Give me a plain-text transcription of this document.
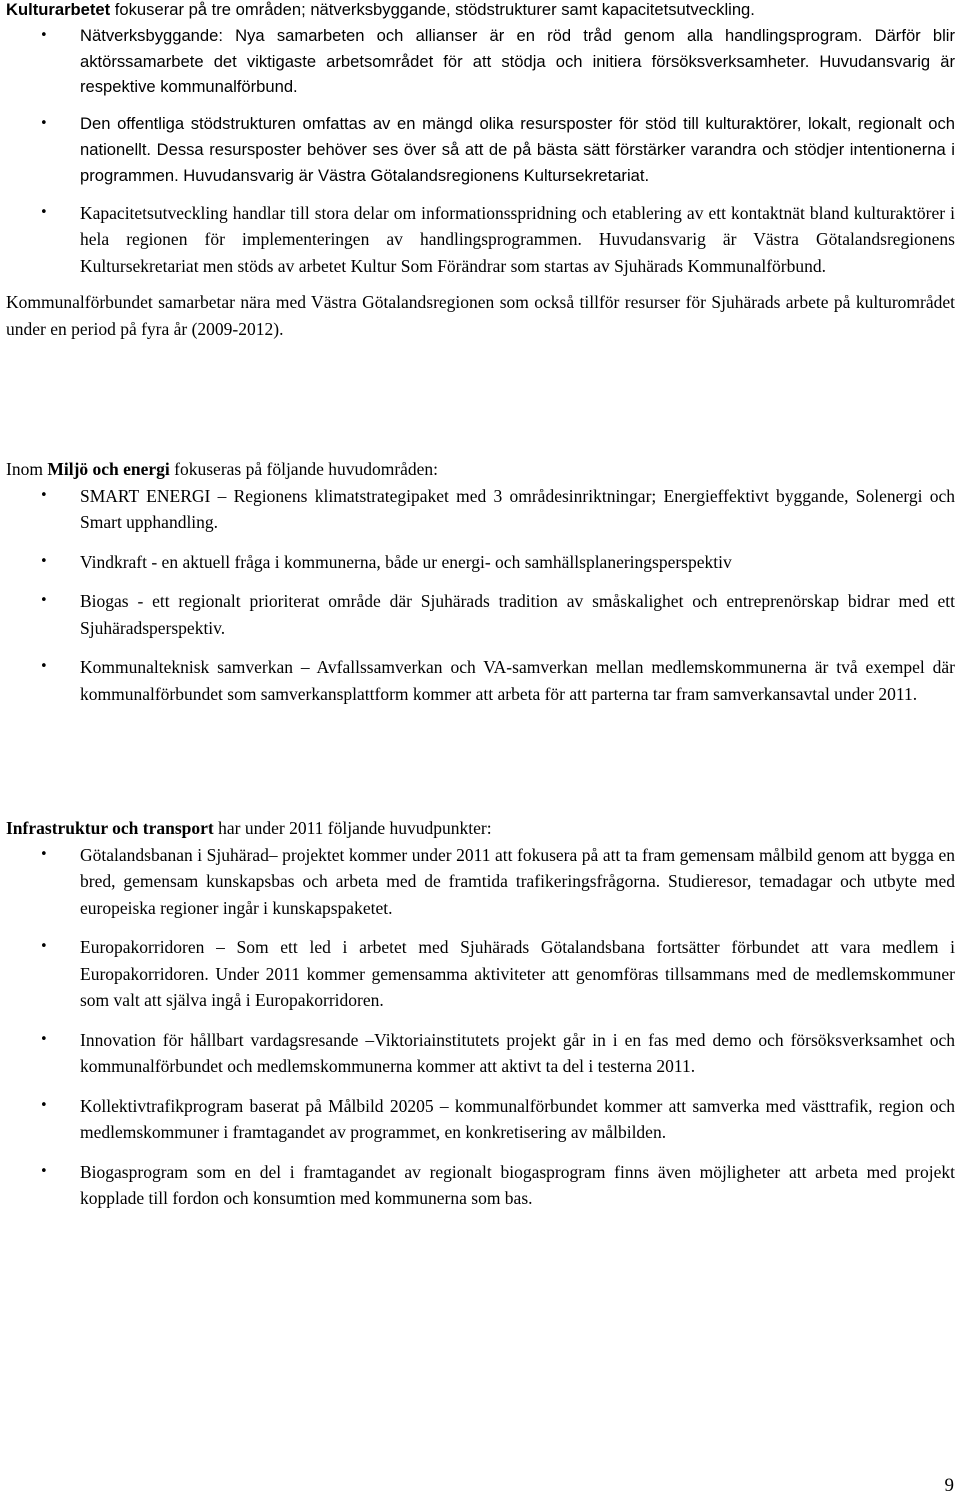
Kulturarbetet fokuserar på tre områden; nätverksbyggande, stödstrukturer samt kapacitetsutveckling.

• Nätverksbyggande: Nya samarbeten och allianser är en röd tråd genom alla handlingsprogram. Därför blir aktörssamarbete det viktigaste arbetsområdet för att stödja och initiera försöksverksamheter. Huvudansvarig är respektive kommunalförbund.
• Den offentliga stödstrukturen omfattas av en mängd olika resursposter för stöd till kulturaktörer, lokalt, regionalt och nationellt. Dessa resursposter behöver ses över så att de på bästa sätt förstärker varandra och stödjer intentionerna i programmen. Huvudansvarig är Västra Götalandsregionens Kultursekretariat.
• Kapacitetsutveckling handlar till stora delar om informationsspridning och etablering av ett kontaktnät bland kulturaktörer i hela regionen för implementeringen av handlingsprogrammen. Huvudansvarig är Västra Götalandsregionens Kultursekretariat men stöds av arbetet Kultur Som Förändrar som startas av Sjuhärads Kommunalförbund.

Kommunalförbundet samarbetar nära med Västra Götalandsregionen som också tillför resurser för Sjuhärads arbete på kulturområdet under en period på fyra år (2009-2012).

Inom Miljö och energi fokuseras på följande huvudområden:

• SMART ENERGI – Regionens klimatstrategipaket med 3 områdesinriktningar; Energieffektivt byggande, Solenergi och Smart upphandling.
• Vindkraft - en aktuell fråga i kommunerna, både ur energi- och samhällsplaneringsperspektiv
• Biogas - ett regionalt prioriterat område där Sjuhärads tradition av småskalighet och entreprenörskap bidrar med ett Sjuhäradsperspektiv.
• Kommunalteknisk samverkan – Avfallssamverkan och VA-samverkan mellan medlemskommunerna är två exempel där kommunalförbundet som samverkansplattform kommer att arbeta för att parterna tar fram samverkansavtal under 2011.

Infrastruktur och transport har under 2011 följande huvudpunkter:

• Götalandsbanan i Sjuhärad– projektet kommer under 2011 att fokusera på att ta fram gemensam målbild genom att bygga en bred, gemensam kunskapsbas och arbeta med de framtida trafikeringsfrågorna. Studieresor, temadagar och utbyte med europeiska regioner ingår i kunskapspaketet.
• Europakorridoren – Som ett led i arbetet med Sjuhärads Götalandsbana fortsätter förbundet att vara medlem i Europakorridoren. Under 2011 kommer gemensamma aktiviteter att genomföras tillsammans med de medlemskommuner som valt att själva ingå i Europakorridoren.
• Innovation för hållbart vardagsresande –Viktoriainstitutets projekt går in i en fas med demo och försöksverksamhet och kommunalförbundet och medlemskommunerna kommer att aktivt ta del i testerna 2011.
• Kollektivtrafikprogram baserat på Målbild 20205 – kommunalförbundet kommer att samverka med västtrafik, region och medlemskommuner i framtagandet av programmet, en konkretisering av målbilden.
• Biogasprogram som en del i framtagandet av regionalt biogasprogram finns även möjligheter att arbeta med projekt kopplade till fordon och konsumtion med kommunerna som bas.
9
